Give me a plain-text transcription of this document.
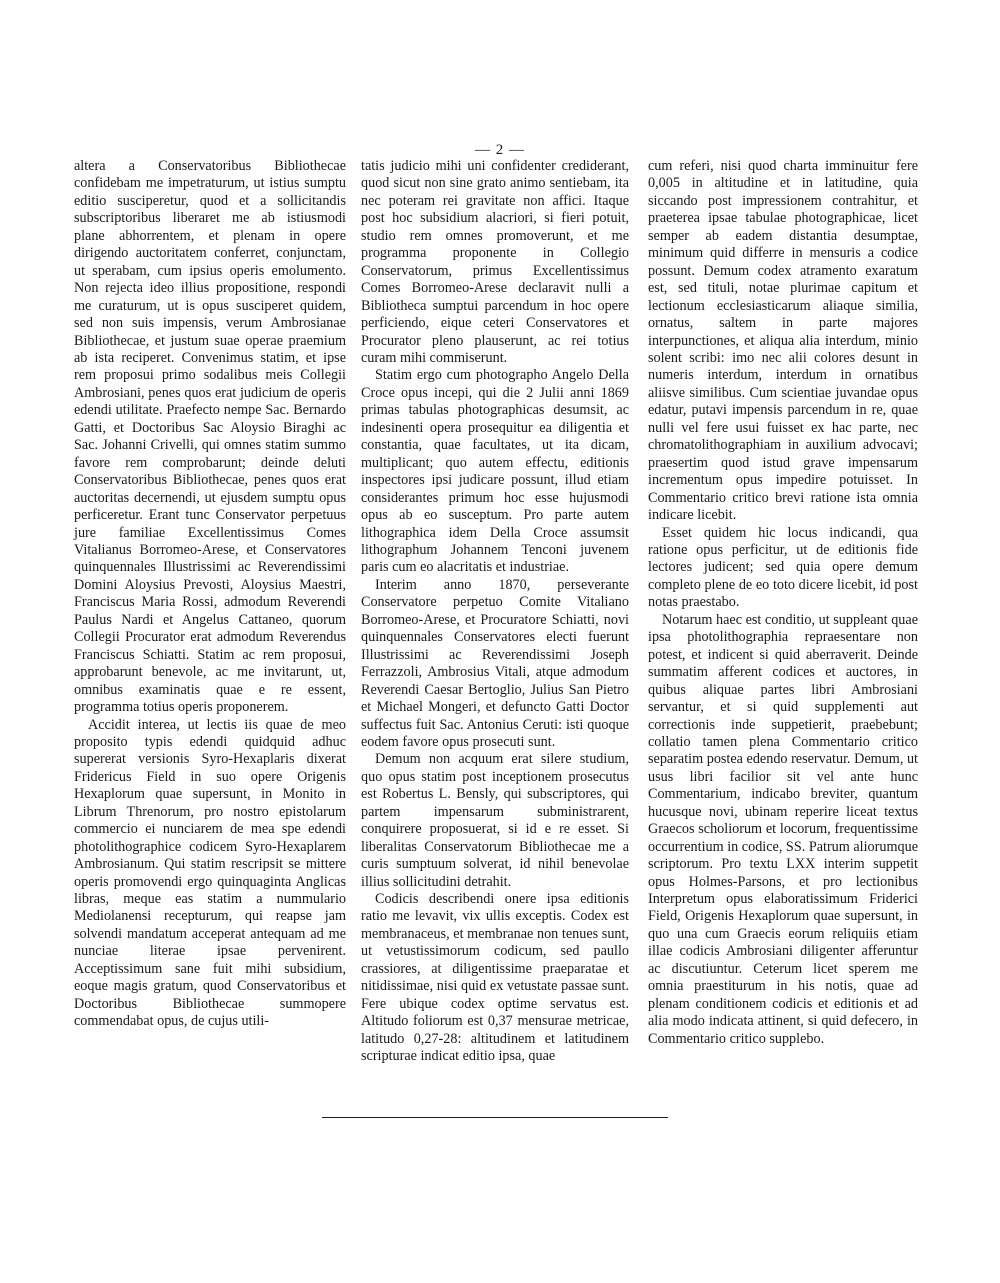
— 2 —

altera a Conservatoribus Bibliothecae confidebam me impetraturum, ut istius sumptu editio susciperetur, quod et a sollicitandis subscriptoribus liberaret me ab istiusmodi plane abhorrentem, et plenam in opere dirigendo auctoritatem conferret, conjunctam, ut sperabam, cum ipsius operis emolumento. Non rejecta ideo illius propositione, respondi me curaturum, ut is opus susciperet quidem, sed non suis impensis, verum Ambrosianae Bibliothecae, et justum suae operae praemium ab ista reciperet. Convenimus statim, et ipse rem proposui primo sodalibus meis Collegii Ambrosiani, penes quos erat judicium de operis edendi utilitate. Praefecto nempe Sac. Bernardo Gatti, et Doctoribus Sac Aloysio Biraghi ac Sac. Johanni Crivelli, qui omnes statim summo favore rem comprobarunt; deinde deluti Conservatoribus Bibliothecae, penes quos erat auctoritas decernendi, ut ejusdem sumptu opus perficeretur. Erant tunc Conservator perpetuus jure familiae Excellentissimus Comes Vitalianus Borromeo-Arese, et Conservatores quinquennales Illustrissimi ac Reverendissimi Domini Aloysius Prevosti, Aloysius Maestri, Franciscus Maria Rossi, admodum Reverendi Paulus Nardi et Angelus Cattaneo, quorum Collegii Procurator erat admodum Reverendus Franciscus Schiatti. Statim ac rem proposui, approbarunt benevole, ac me invitarunt, ut, omnibus examinatis quae e re essent, programma totius operis proponerem.

Accidit interea, ut lectis iis quae de meo proposito typis edendi quidquid adhuc supererat versionis Syro-Hexaplaris dixerat Fridericus Field in suo opere Origenis Hexaplorum quae supersunt, in Monito in Librum Threnorum, pro nostro epistolarum commercio ei nunciarem de mea spe edendi photolithographice codicem Syro-Hexaplarem Ambrosianum. Qui statim rescripsit se mittere operis promovendi ergo quinquaginta Anglicas libras, meque eas statim a nummulario Mediolanensi recepturum, qui reapse jam solvendi mandatum acceperat antequam ad me nunciae literae ipsae pervenirent. Acceptissimum sane fuit mihi subsidium, eoque magis gratum, quod Conservatoribus et Doctoribus Bibliothecae summopere commendabat opus, de cujus utili-

tatis judicio mihi uni confidenter crediderant, quod sicut non sine grato animo sentiebam, ita nec poteram rei gravitate non affici. Itaque post hoc subsidium alacriori, si fieri potuit, studio rem omnes promoverunt, et me programma proponente in Collegio Conservatorum, primus Excellentissimus Comes Borromeo-Arese declaravit nulli a Bibliotheca sumptui parcendum in hoc opere perficiendo, eique ceteri Conservatores et Procurator pleno plauserunt, ac rei totius curam mihi commiserunt.

Statim ergo cum photographo Angelo Della Croce opus incepi, qui die 2 Julii anni 1869 primas tabulas photographicas desumsit, ac indesinenti opera prosequitur ea diligentia et constantia, quae facultates, ut ita dicam, multiplicant; quo autem effectu, editionis inspectores ipsi judicare possunt, illud etiam considerantes primum hoc esse hujusmodi opus ab eo susceptum. Pro parte autem lithographica idem Della Croce assumsit lithographum Johannem Tenconi juvenem paris cum eo alacritatis et industriae.

Interim anno 1870, perseverante Conservatore perpetuo Comite Vitaliano Borromeo-Arese, et Procuratore Schiatti, novi quinquennales Conservatores electi fuerunt Illustrissimi ac Reverendissimi Joseph Ferrazzoli, Ambrosius Vitali, atque admodum Reverendi Caesar Bertoglio, Julius San Pietro et Michael Mongeri, et defuncto Gatti Doctor suffectus fuit Sac. Antonius Ceruti: isti quoque eodem favore opus prosecuti sunt.

Demum non acquum erat silere studium, quo opus statim post inceptionem prosecutus est Robertus L. Bensly, qui subscriptores, qui partem impensarum subministrarent, conquirere proposuerat, si id e re esset. Si liberalitas Conservatorum Bibliothecae me a curis sumptuum solverat, id nihil benevolae illius sollicitudini detrahit.

Codicis describendi onere ipsa editionis ratio me levavit, vix ullis exceptis. Codex est membranaceus, et membranae non tenues sunt, ut vetustissimorum codicum, sed paullo crassiores, at diligentissime praeparatae et nitidissimae, nisi quid ex vetustate passae sunt. Fere ubique codex optime servatus est. Altitudo foliorum est 0,37 mensurae metricae, latitudo 0,27-28: altitudinem et latitudinem scripturae indicat editio ipsa, quae

cum referi, nisi quod charta imminuitur fere 0,005 in altitudine et in latitudine, quia siccando post impressionem contrahitur, et praeterea ipsae tabulae photographicae, licet semper ab eadem distantia desumptae, minimum quid differre in mensuris a codice possunt. Demum codex atramento exaratum est, sed tituli, notae plurimae capitum et lectionum ecclesiasticarum aliaque similia, ornatus, saltem in parte majores interpunctiones, et aliqua alia interdum, minio solent scribi: imo nec alii colores desunt in numeris interdum, interdum in ornatibus aliisve similibus. Cum scientiae juvandae opus edatur, putavi impensis parcendum in re, quae nulli vel fere usui fuisset ex hac parte, nec chromatolithographiam in auxilium advocavi; praesertim quod istud grave impensarum incrementum opus impedire potuisset. In Commentario critico brevi ratione ista omnia indicare licebit.

Esset quidem hic locus indicandi, qua ratione opus perficitur, ut de editionis fide lectores judicent; sed quia opere demum completo plene de eo toto dicere licebit, id post notas praestabo.

Notarum haec est conditio, ut suppleant quae ipsa photolithographia repraesentare non potest, et indicent si quid aberraverit. Deinde summatim afferent codices et auctores, in quibus aliquae partes libri Ambrosiani servantur, et si quid supplementi aut correctionis inde suppetierit, praebebunt; collatio tamen plena Commentario critico separatim postea edendo reservatur. Demum, ut usus libri facilior sit vel ante hunc Commentarium, indicabo breviter, quantum hucusque novi, ubinam reperire liceat textus Graecos scholiorum et locorum, frequentissime occurrentium in codice, SS. Patrum aliorumque scriptorum. Pro textu LXX interim suppetit opus Holmes-Parsons, et pro lectionibus Interpretum opus elaboratissimum Friderici Field, Origenis Hexaplorum quae supersunt, in quo una cum Graecis eorum reliquiis etiam illae codicis Ambrosiani diligenter afferuntur ac discutiuntur. Ceterum licet sperem me omnia praestiturum in his notis, quae ad plenam conditionem codicis et editionis et ad alia modo indicata attinent, si quid defecero, in Commentario critico supplebo.
